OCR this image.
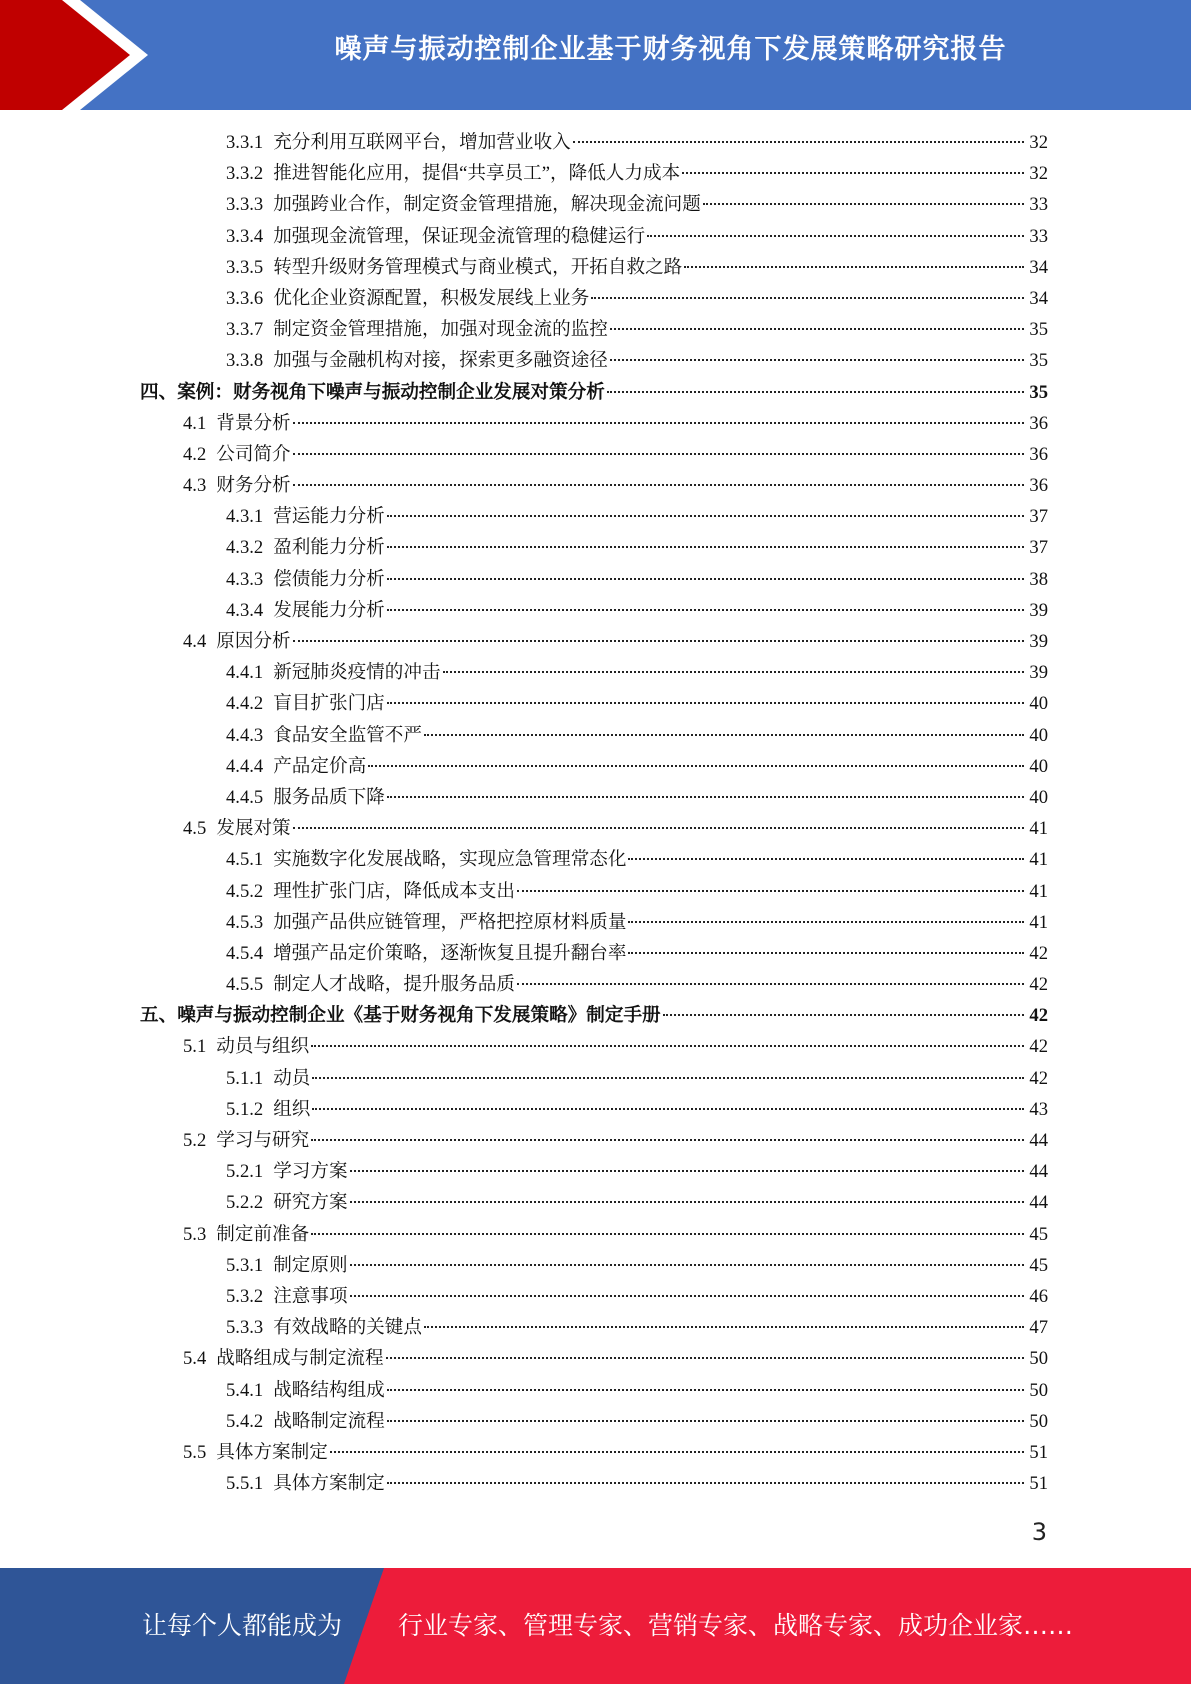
噪声与振动控制企业基于财务视角下发展策略研究报告
3.3.1 充分利用互联网平台，增加营业收入	32
3.3.2 推进智能化应用，提倡“共享员工”，降低人力成本	32
3.3.3 加强跨业合作，制定资金管理措施，解决现金流问题	33
3.3.4 加强现金流管理，保证现金流管理的稳健运行	33
3.3.5 转型升级财务管理模式与商业模式，开拓自救之路	34
3.3.6 优化企业资源配置，积极发展线上业务	34
3.3.7 制定资金管理措施，加强对现金流的监控	35
3.3.8 加强与金融机构对接，探索更多融资途径	35
四、 案例：财务视角下噪声与振动控制企业发展对策分析	35
4.1 背景分析	36
4.2 公司简介	36
4.3 财务分析	36
4.3.1 营运能力分析	37
4.3.2 盈利能力分析	37
4.3.3 偿债能力分析	38
4.3.4 发展能力分析	39
4.4 原因分析	39
4.4.1 新冠肺炎疫情的冲击	39
4.4.2 盲目扩张门店	40
4.4.3 食品安全监管不严	40
4.4.4 产品定价高	40
4.4.5 服务品质下降	40
4.5 发展对策	41
4.5.1 实施数字化发展战略，实现应急管理常态化	41
4.5.2 理性扩张门店，降低成本支出	41
4.5.3 加强产品供应链管理，严格把控原材料质量	41
4.5.4 增强产品定价策略，逐渐恢复且提升翻台率	42
4.5.5 制定人才战略，提升服务品质	42
五、 噪声与振动控制企业《基于财务视角下发展策略》制定手册	42
5.1 动员与组织	42
5.1.1 动员	42
5.1.2 组织	43
5.2 学习与研究	44
5.2.1 学习方案	44
5.2.2 研究方案	44
5.3 制定前准备	45
5.3.1 制定原则	45
5.3.2 注意事项	46
5.3.3 有效战略的关键点	47
5.4 战略组成与制定流程	50
5.4.1 战略结构组成	50
5.4.2 战略制定流程	50
5.5 具体方案制定	51
5.5.1 具体方案制定	51
3
让每个人都能成为 行业专家、管理专家、营销专家、战略专家、成功企业家……
